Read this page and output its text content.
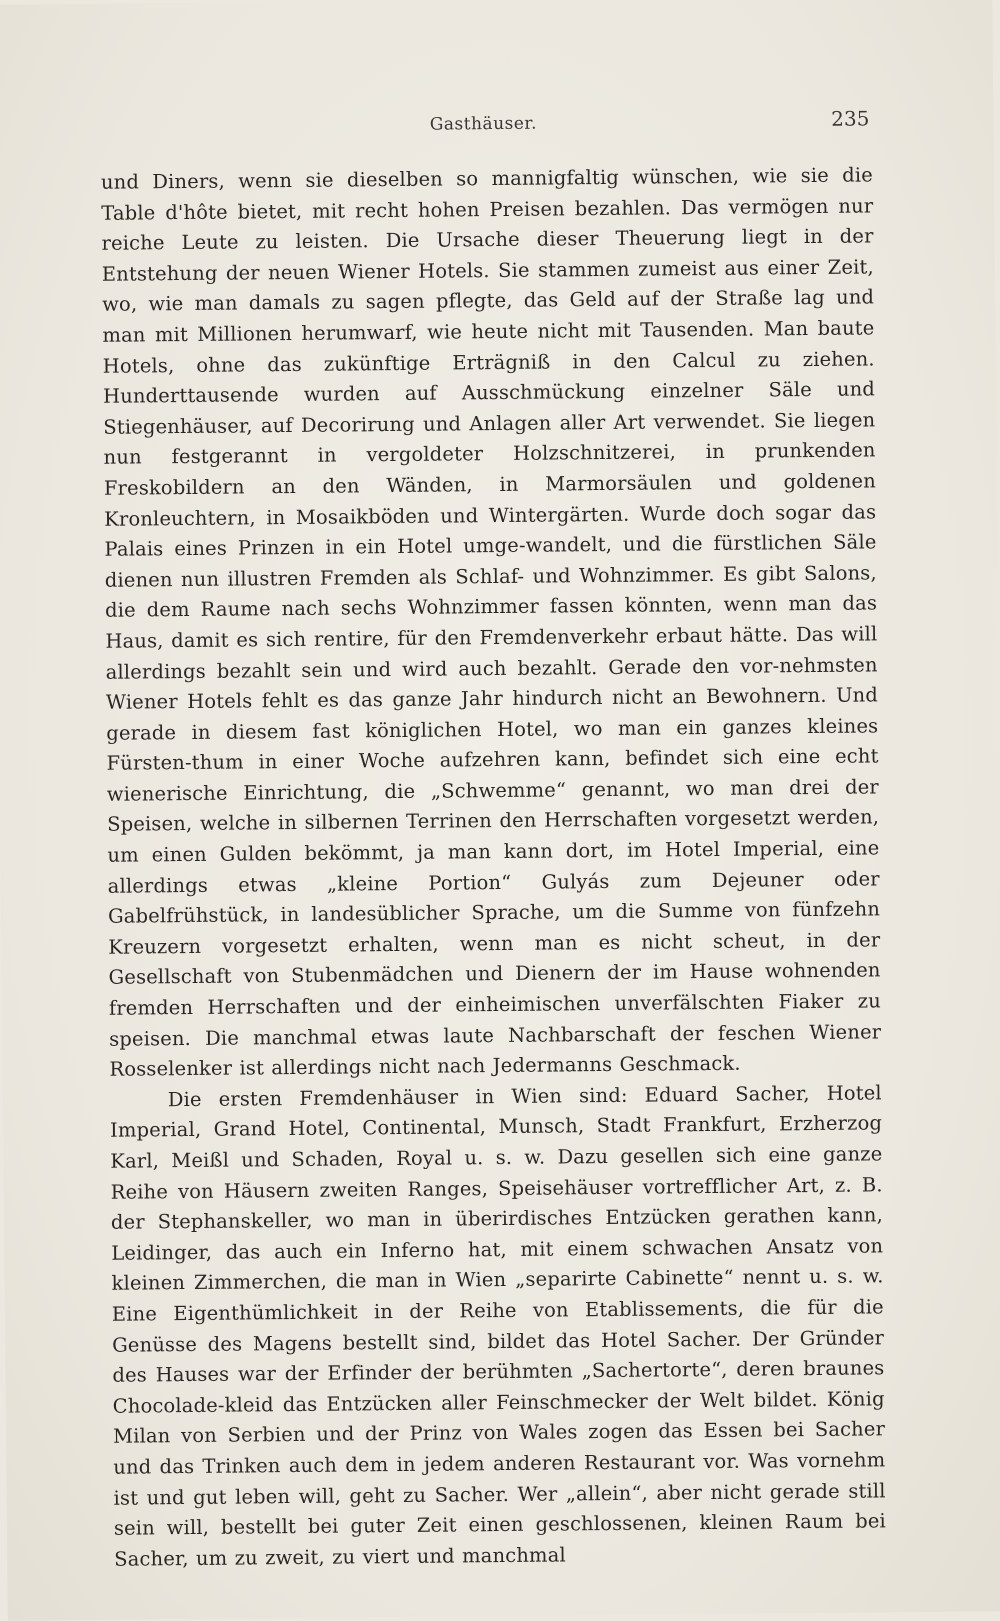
Gasthäuser.	235

und Diners, wenn sie dieselben so mannigfaltig wünschen, wie sie die Table d'hôte bietet, mit recht hohen Preisen bezahlen. Das vermögen nur reiche Leute zu leisten. Die Ursache dieser Theuerung liegt in der Entstehung der neuen Wiener Hotels. Sie stammen zumeist aus einer Zeit, wo, wie man damals zu sagen pflegte, das Geld auf der Straße lag und man mit Millionen herumwarf, wie heute nicht mit Tausenden. Man baute Hotels, ohne das zukünftige Erträgniß in den Calcul zu ziehen. Hunderttausende wurden auf Ausschmückung einzelner Säle und Stiegenhäuser, auf Decorirung und Anlagen aller Art verwendet. Sie liegen nun festgerannt in vergoldeter Holzschnitzerei, in prunkenden Freskobildern an den Wänden, in Marmorsäulen und goldenen Kronleuchtern, in Mosaikböden und Wintergärten. Wurde doch sogar das Palais eines Prinzen in ein Hotel umge-wandelt, und die fürstlichen Säle dienen nun illustren Fremden als Schlaf- und Wohnzimmer. Es gibt Salons, die dem Raume nach sechs Wohnzimmer fassen könnten, wenn man das Haus, damit es sich rentire, für den Fremdenverkehr erbaut hätte. Das will allerdings bezahlt sein und wird auch bezahlt. Gerade den vor-nehmsten Wiener Hotels fehlt es das ganze Jahr hindurch nicht an Bewohnern. Und gerade in diesem fast königlichen Hotel, wo man ein ganzes kleines Fürsten-thum in einer Woche aufzehren kann, befindet sich eine echt wienerische Einrichtung, die „Schwemme“ genannt, wo man drei der Speisen, welche in silbernen Terrinen den Herrschaften vorgesetzt werden, um einen Gulden bekömmt, ja man kann dort, im Hotel Imperial, eine allerdings etwas „kleine Portion“ Gulyás zum Dejeuner oder Gabelfrühstück, in landesüblicher Sprache, um die Summe von fünfzehn Kreuzern vorgesetzt erhalten, wenn man es nicht scheut, in der Gesellschaft von Stubenmädchen und Dienern der im Hause wohnenden fremden Herrschaften und der einheimischen unverfälschten Fiaker zu speisen. Die manchmal etwas laute Nachbarschaft der feschen Wiener Rosselenker ist allerdings nicht nach Jedermanns Geschmack.

Die ersten Fremdenhäuser in Wien sind: Eduard Sacher, Hotel Imperial, Grand Hotel, Continental, Munsch, Stadt Frankfurt, Erzherzog Karl, Meißl und Schaden, Royal u. s. w. Dazu gesellen sich eine ganze Reihe von Häusern zweiten Ranges, Speisehäuser vortrefflicher Art, z. B. der Stephanskeller, wo man in überirdisches Entzücken gerathen kann, Leidinger, das auch ein Inferno hat, mit einem schwachen Ansatz von kleinen Zimmerchen, die man in Wien „separirte Cabinette“ nennt u. s. w. Eine Eigenthümlichkeit in der Reihe von Etablissements, die für die Genüsse des Magens bestellt sind, bildet das Hotel Sacher. Der Gründer des Hauses war der Erfinder der berühmten „Sachertorte“, deren braunes Chocolade-kleid das Entzücken aller Feinschmecker der Welt bildet. König Milan von Serbien und der Prinz von Wales zogen das Essen bei Sacher und das Trinken auch dem in jedem anderen Restaurant vor. Was vornehm ist und gut leben will, geht zu Sacher. Wer „allein“, aber nicht gerade still sein will, bestellt bei guter Zeit einen geschlossenen, kleinen Raum bei Sacher, um zu zweit, zu viert und manchmal
